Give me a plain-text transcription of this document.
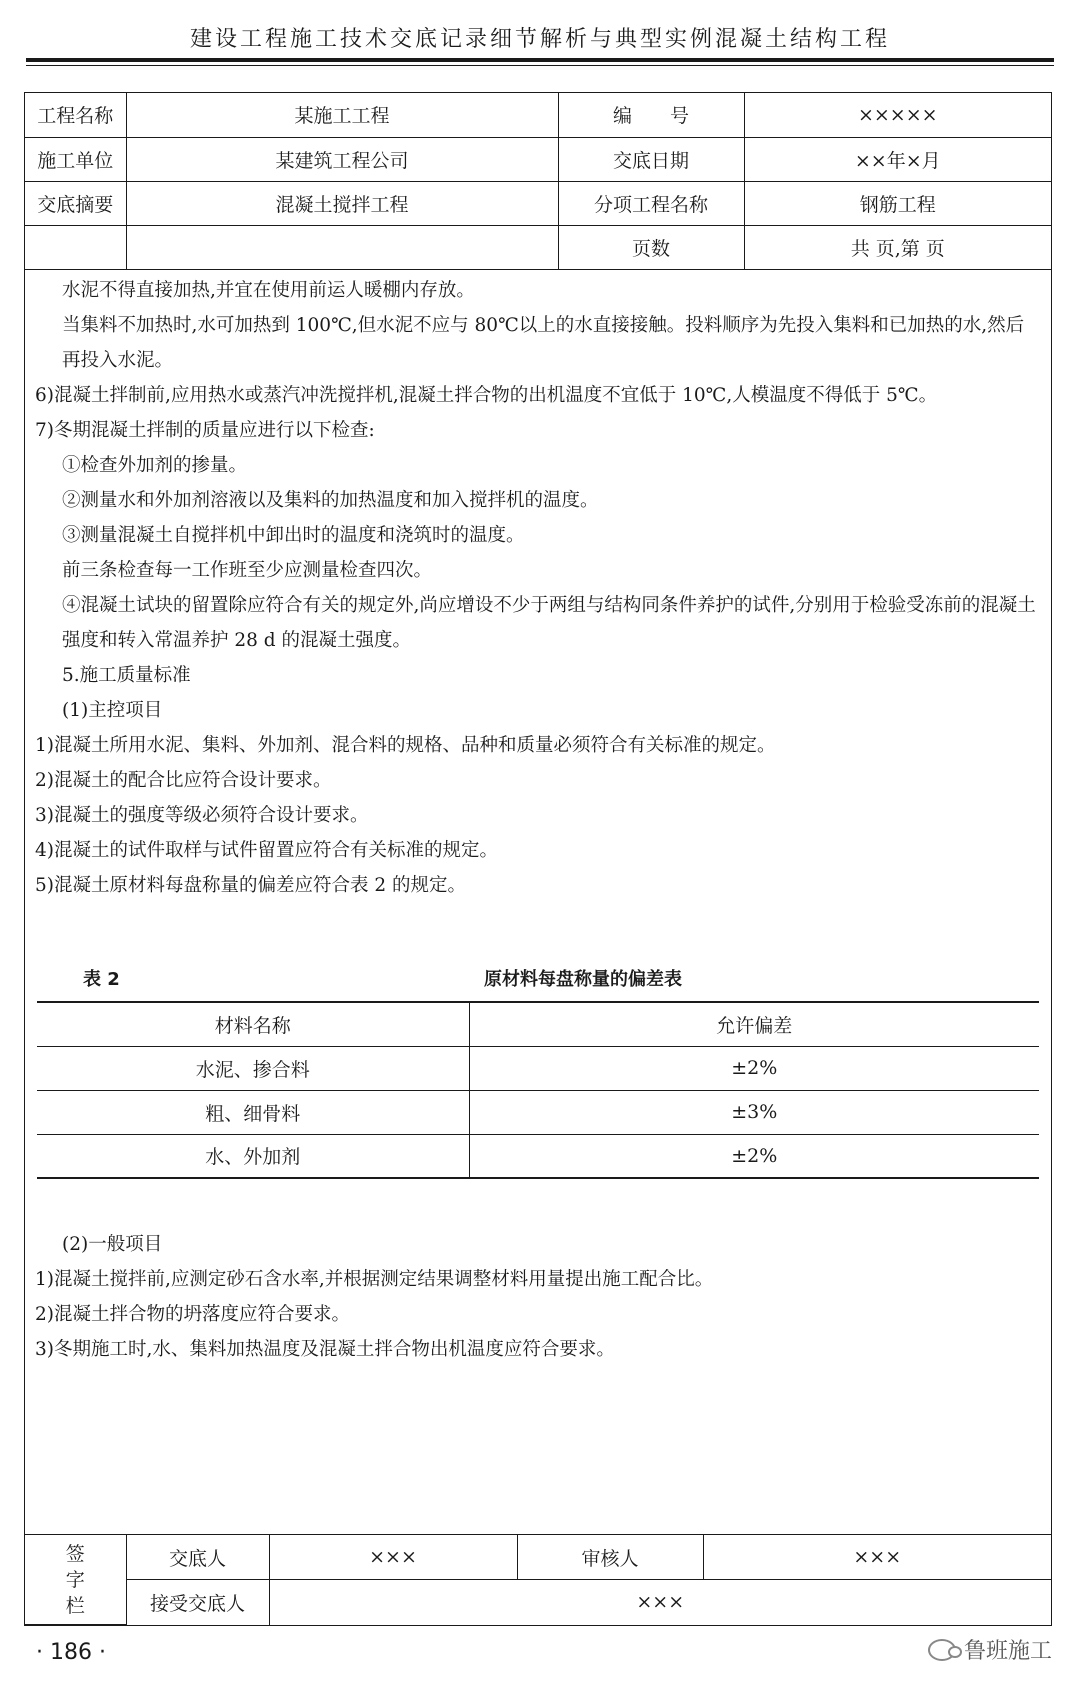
建设工程施工技术交底记录细节解析与典型实例混凝土结构工程
工程名称	某施工工程	编　　号	×××××
施工单位	某建筑工程公司	交底日期	××年×月
交底摘要	混凝土搅拌工程	分项工程名称	钢筋工程
		页数	共 页,第 页

水泥不得直接加热,并宜在使用前运人暖棚内存放。

当集料不加热时,水可加热到 100℃,但水泥不应与 80℃以上的水直接接触。投料顺序为先投入集料和已加热的水,然后再投入水泥。

6)混凝土拌制前,应用热水或蒸汽冲洗搅拌机,混凝土拌合物的出机温度不宜低于 10℃,人模温度不得低于 5℃。

7)冬期混凝土拌制的质量应进行以下检查:

①检查外加剂的掺量。

②测量水和外加剂溶液以及集料的加热温度和加入搅拌机的温度。

③测量混凝土自搅拌机中卸出时的温度和浇筑时的温度。

前三条检查每一工作班至少应测量检查四次。

④混凝土试块的留置除应符合有关的规定外,尚应增设不少于两组与结构同条件养护的试件,分别用于检验受冻前的混凝土强度和转入常温养护 28 d 的混凝土强度。

5.施工质量标准

(1)主控项目

1)混凝土所用水泥、集料、外加剂、混合料的规格、品种和质量必须符合有关标准的规定。

2)混凝土的配合比应符合设计要求。

3)混凝土的强度等级必须符合设计要求。

4)混凝土的试件取样与试件留置应符合有关标准的规定。

5)混凝土原材料每盘称量的偏差应符合表 2 的规定。

表 2	原材料每盘称量的偏差表
材料名称	允许偏差
水泥、掺合料	±2%
粗、细骨料	±3%
水、外加剂	±2%

(2)一般项目

1)混凝土搅拌前,应测定砂石含水率,并根据测定结果调整材料用量提出施工配合比。

2)混凝土拌合物的坍落度应符合要求。

3)冬期施工时,水、集料加热温度及混凝土拌合物出机温度应符合要求。

签
字
栏	交底人	×××	审核人	×××
	接受交底人	×××		
· 186 ·	鲁班施工
